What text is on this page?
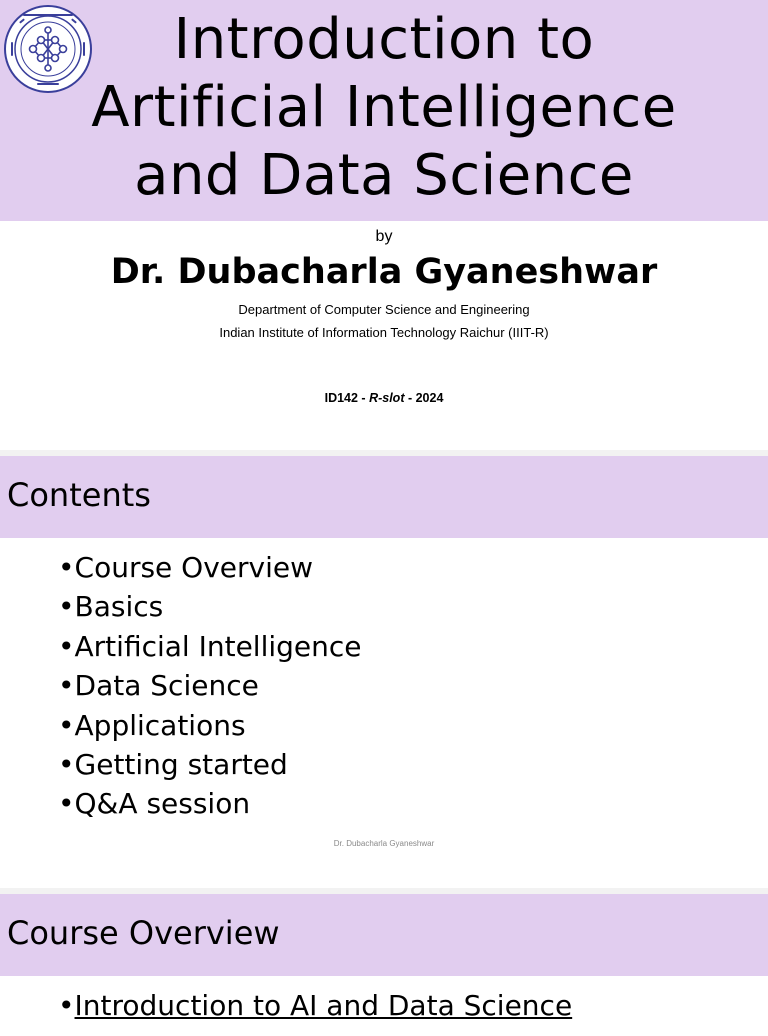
Introduction to
Artificial Intelligence
and Data Science
by
Dr. Dubacharla Gyaneshwar
Department of Computer Science and Engineering
Indian Institute of Information Technology Raichur (IIIT-R)
ID142 - R-slot - 2024
Contents
• Course Overview
• Basics
• Artificial Intelligence
• Data Science
• Applications
• Getting started
• Q&A session
Dr. Dubacharla Gyaneshwar
Course Overview
•Introduction to AI and Data Science
